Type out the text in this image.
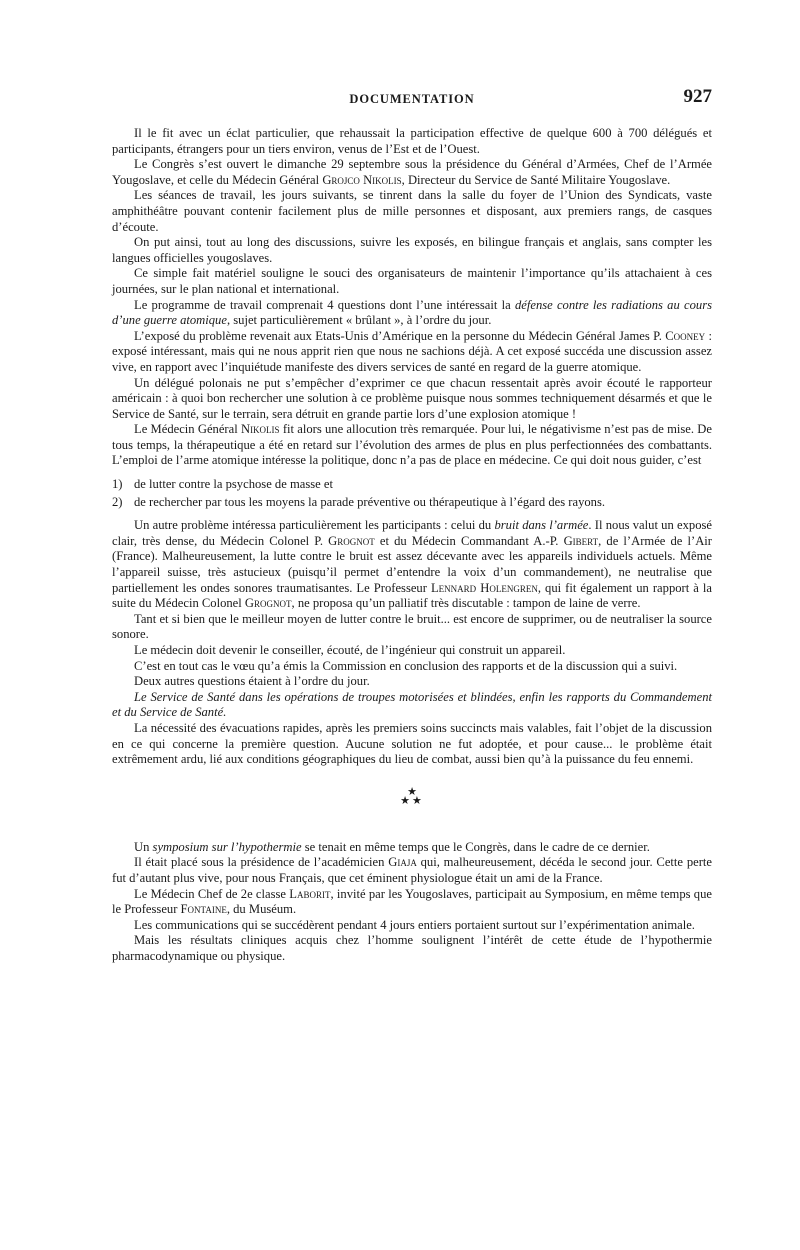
DOCUMENTATION	927

Il le fit avec un éclat particulier, que rehaussait la participation effective de quelque 600 à 700 délégués et participants, étrangers pour un tiers environ, venus de l’Est et de l’Ouest.

Le Congrès s’est ouvert le dimanche 29 septembre sous la présidence du Général d’Armées, Chef de l’Armée Yougoslave, et celle du Médecin Général Grojco Nikolis, Directeur du Service de Santé Militaire Yougoslave.

Les séances de travail, les jours suivants, se tinrent dans la salle du foyer de l’Union des Syndicats, vaste amphithéâtre pouvant contenir facilement plus de mille personnes et disposant, aux premiers rangs, de casques d’écoute.

On put ainsi, tout au long des discussions, suivre les exposés, en bilingue français et anglais, sans compter les langues officielles yougoslaves.

Ce simple fait matériel souligne le souci des organisateurs de maintenir l’importance qu’ils attachaient à ces journées, sur le plan national et international.

Le programme de travail comprenait 4 questions dont l’une intéressait la défense contre les radiations au cours d’une guerre atomique, sujet particulièrement « brûlant », à l’ordre du jour.

L’exposé du problème revenait aux Etats-Unis d’Amérique en la personne du Médecin Général James P. Cooney : exposé intéressant, mais qui ne nous apprit rien que nous ne sachions déjà. A cet exposé succéda une discussion assez vive, en rapport avec l’inquiétude manifeste des divers services de santé en regard de la guerre atomique.

Un délégué polonais ne put s’empêcher d’exprimer ce que chacun ressentait après avoir écouté le rapporteur américain : à quoi bon rechercher une solution à ce problème puisque nous sommes techniquement désarmés et que le Service de Santé, sur le terrain, sera détruit en grande partie lors d’une explosion atomique !

Le Médecin Général Nikolis fit alors une allocution très remarquée. Pour lui, le négativisme n’est pas de mise. De tous temps, la thérapeutique a été en retard sur l’évolution des armes de plus en plus perfectionnées des combattants. L’emploi de l’arme atomique intéresse la politique, donc n’a pas de place en médecine. Ce qui doit nous guider, c’est

1) de lutter contre la psychose de masse et
2) de rechercher par tous les moyens la parade préventive ou thérapeutique à l’égard des rayons.

Un autre problème intéressa particulièrement les participants : celui du bruit dans l’armée. Il nous valut un exposé clair, très dense, du Médecin Colonel P. Grognot et du Médecin Commandant A.-P. Gibert, de l’Armée de l’Air (France). Malheureusement, la lutte contre le bruit est assez décevante avec les appareils individuels actuels. Même l’appareil suisse, très astucieux (puisqu’il permet d’entendre la voix d’un commandement), ne neutralise que partiellement les ondes sonores traumatisantes. Le Professeur Lennard Holengren, qui fit également un rapport à la suite du Médecin Colonel Grognot, ne proposa qu’un palliatif très discutable : tampon de laine de verre.

Tant et si bien que le meilleur moyen de lutter contre le bruit... est encore de supprimer, ou de neutraliser la source sonore.

Le médecin doit devenir le conseiller, écouté, de l’ingénieur qui construit un appareil.

C’est en tout cas le vœu qu’a émis la Commission en conclusion des rapports et de la discussion qui a suivi.

Deux autres questions étaient à l’ordre du jour.

Le Service de Santé dans les opérations de troupes motorisées et blindées, enfin les rapports du Commandement et du Service de Santé.

La nécessité des évacuations rapides, après les premiers soins succincts mais valables, fait l’objet de la discussion en ce qui concerne la première question. Aucune solution ne fut adoptée, et pour cause... le problème était extrêmement ardu, lié aux conditions géographiques du lieu de combat, aussi bien qu’à la puissance du feu ennemi.

★
★★

Un symposium sur l’hypothermie se tenait en même temps que le Congrès, dans le cadre de ce dernier.

Il était placé sous la présidence de l’académicien Giaja qui, malheureusement, décéda le second jour. Cette perte fut d’autant plus vive, pour nous Français, que cet éminent physiologue était un ami de la France.

Le Médecin Chef de 2e classe Laborit, invité par les Yougoslaves, participait au Symposium, en même temps que le Professeur Fontaine, du Muséum.

Les communications qui se succédèrent pendant 4 jours entiers portaient surtout sur l’expérimentation animale.

Mais les résultats cliniques acquis chez l’homme soulignent l’intérêt de cette étude de l’hypothermie pharmacodynamique ou physique.
